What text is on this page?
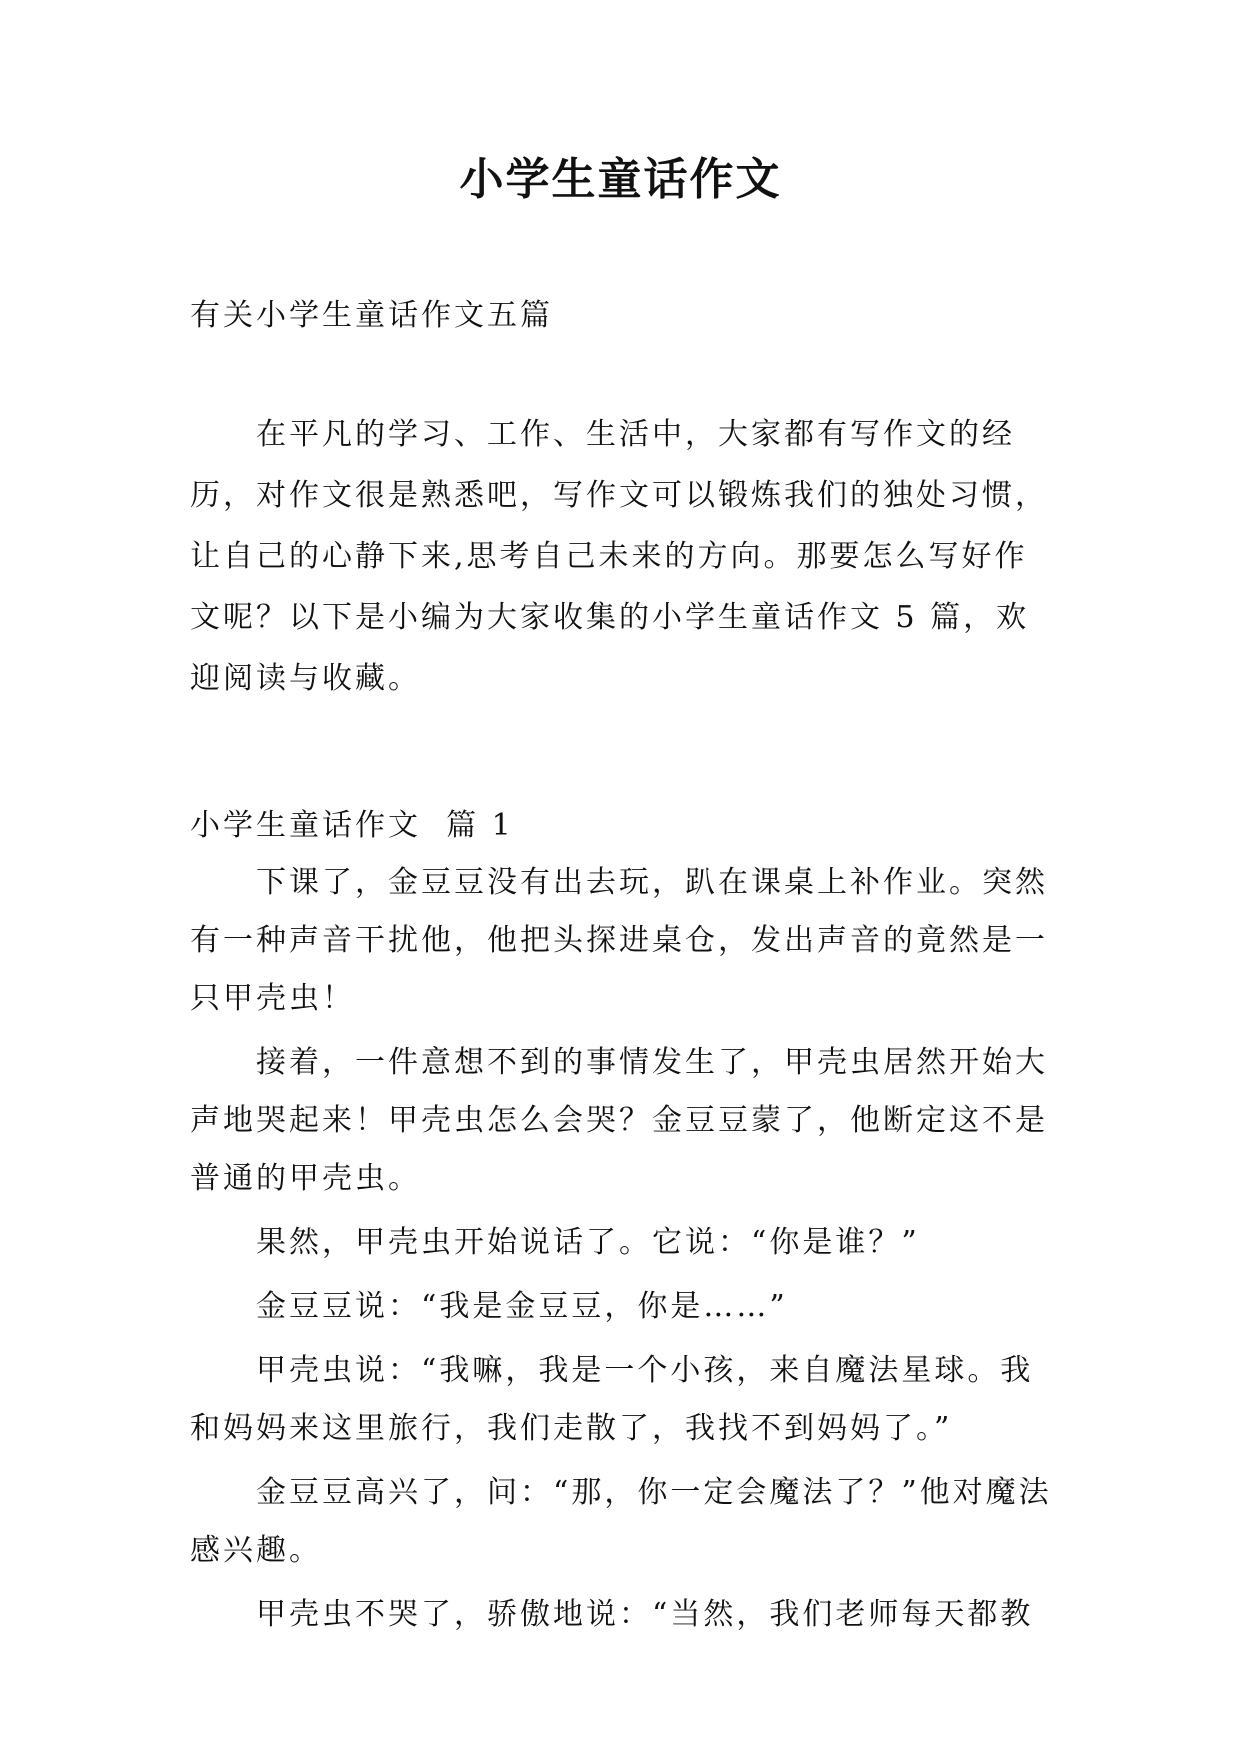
小学生童话作文

有关小学生童话作文五篇

在平凡的学习、工作、生活中，大家都有写作文的经历，对作文很是熟悉吧，写作文可以锻炼我们的独处习惯，让自己的心静下来,思考自己未来的方向。那要怎么写好作文呢？以下是小编为大家收集的小学生童话作文 5 篇，欢迎阅读与收藏。

小学生童话作文  篇 1

下课了，金豆豆没有出去玩，趴在课桌上补作业。突然有一种声音干扰他，他把头探进桌仓，发出声音的竟然是一只甲壳虫！

接着，一件意想不到的事情发生了，甲壳虫居然开始大声地哭起来！甲壳虫怎么会哭？金豆豆蒙了，他断定这不是普通的甲壳虫。

果然，甲壳虫开始说话了。它说：“你是谁？”

金豆豆说：“我是金豆豆，你是……”

甲壳虫说：“我嘛，我是一个小孩，来自魔法星球。我和妈妈来这里旅行，我们走散了，我找不到妈妈了。”

金豆豆高兴了，问：“那，你一定会魔法了？”他对魔法感兴趣。

甲壳虫不哭了，骄傲地说：“当然，我们老师每天都教
